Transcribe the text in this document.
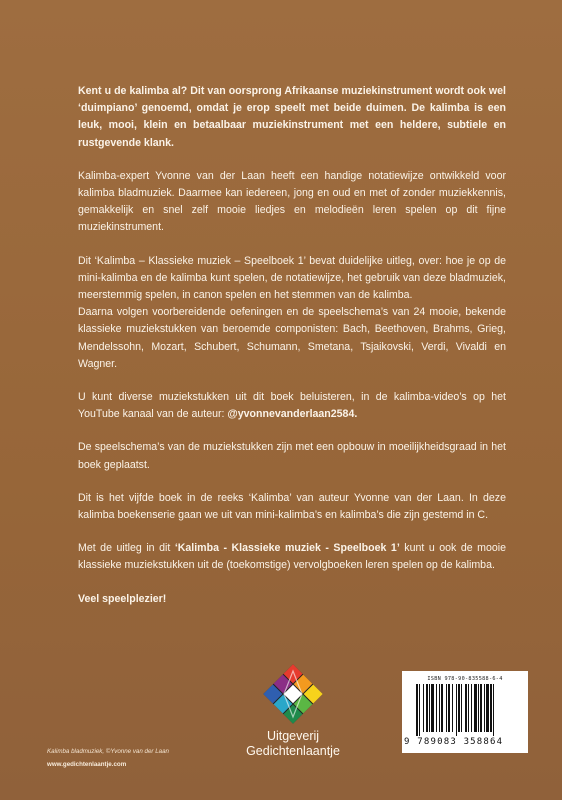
Kent u de kalimba al? Dit van oorsprong Afrikaanse muziekinstrument wordt ook wel ‘duimpiano’ genoemd, omdat je erop speelt met beide duimen. De kalimba is een leuk, mooi, klein en betaalbaar muziekinstrument met een heldere, subtiele en rustgevende klank.

Kalimba-expert Yvonne van der Laan heeft een handige notatiewijze ontwikkeld voor kalimba bladmuziek. Daarmee kan iedereen, jong en oud en met of zonder muziekkennis, gemakkelijk en snel zelf mooie liedjes en melodieën leren spelen op dit fijne muziekinstrument.

Dit ‘Kalimba – Klassieke muziek – Speelboek 1’ bevat duidelijke uitleg, over: hoe je op de mini-kalimba en de kalimba kunt spelen, de notatiewijze, het gebruik van deze bladmuziek, meerstemmig spelen, in canon spelen en het stemmen van de kalimba.
Daarna volgen voorbereidende oefeningen en de speelschema’s van 24 mooie, bekende klassieke muziekstukken van beroemde componisten: Bach, Beethoven, Brahms, Grieg, Mendelssohn, Mozart, Schubert, Schumann, Smetana, Tsjaikovski, Verdi, Vivaldi en Wagner.

U kunt diverse muziekstukken uit dit boek beluisteren, in de kalimba-video’s op het YouTube kanaal van de auteur: @yvonnevanderlaan2584.

De speelschema’s van de muziekstukken zijn met een opbouw in moeilijkheidsgraad in het boek geplaatst.

Dit is het vijfde boek in de reeks ‘Kalimba’ van auteur Yvonne van der Laan. In deze kalimba boekenserie gaan we uit van mini-kalimba’s en kalimba’s die zijn gestemd in C.

Met de uitleg in dit ‘Kalimba - Klassieke muziek - Speelboek 1’ kunt u ook de mooie klassieke muziekstukken uit de (toekomstige) vervolgboeken leren spelen op de kalimba.

Veel speelplezier!

Uitgeverij
Gedichtenlaantje
Kalimba bladmuziek, ©Yvonne van der Laan
www.gedichtenlaantje.com
ISBN 978-90-835588-6-4
9 789083 358864
